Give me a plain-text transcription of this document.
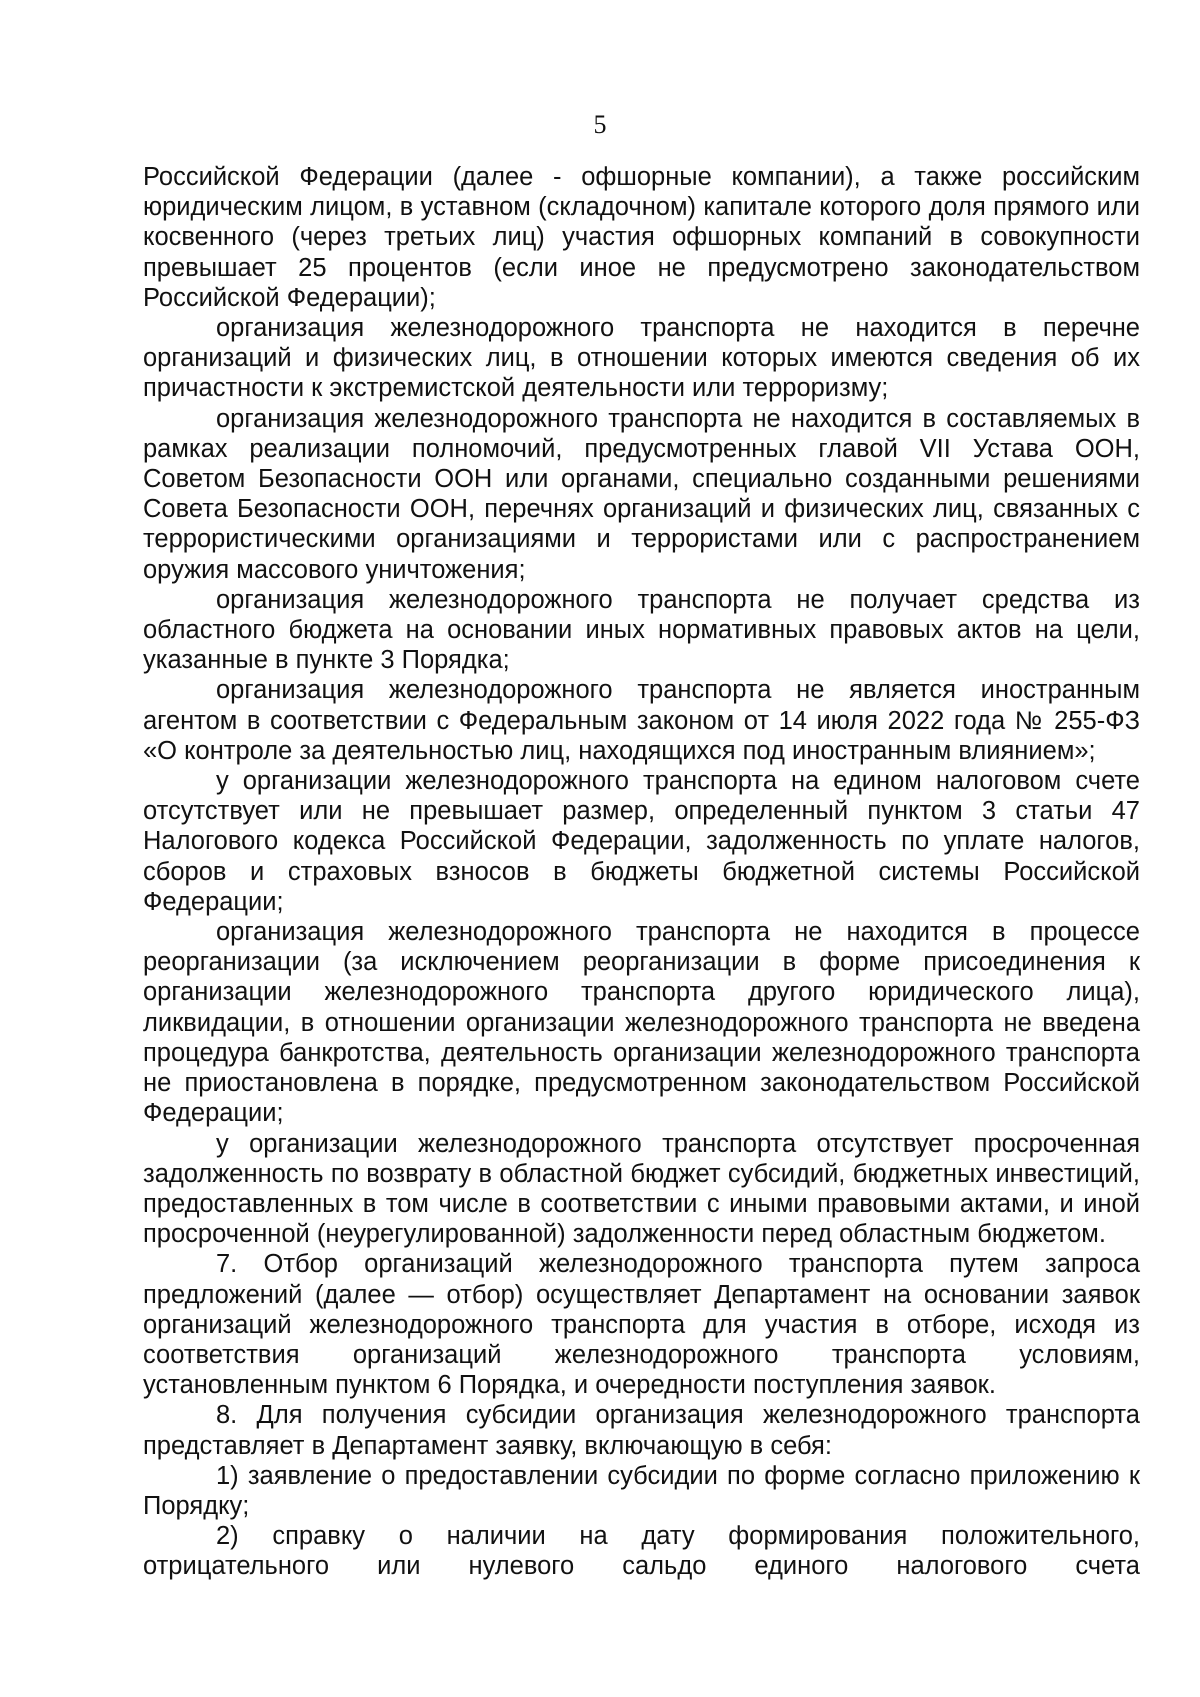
5

Российской Федерации (далее - офшорные компании), а также российским юридическим лицом, в уставном (складочном) капитале которого доля прямого или косвенного (через третьих лиц) участия офшорных компаний в совокупности превышает 25 процентов (если иное не предусмотрено законодательством Российской Федерации);

организация железнодорожного транспорта не находится в перечне организаций и физических лиц, в отношении которых имеются сведения об их причастности к экстремистской деятельности или терроризму;

организация железнодорожного транспорта не находится в составляемых в рамках реализации полномочий, предусмотренных главой VII Устава ООН, Советом Безопасности ООН или органами, специально созданными решениями Совета Безопасности ООН, перечнях организаций и физических лиц, связанных с террористическими организациями и террористами или с распространением оружия массового уничтожения;

организация железнодорожного транспорта не получает средства из областного бюджета на основании иных нормативных правовых актов на цели, указанные в пункте 3 Порядка;

организация железнодорожного транспорта не является иностранным агентом в соответствии с Федеральным законом от 14 июля 2022 года № 255-ФЗ «О контроле за деятельностью лиц, находящихся под иностранным влиянием»;

у организации железнодорожного транспорта на едином налоговом счете отсутствует или не превышает размер, определенный пунктом 3 статьи 47 Налогового кодекса Российской Федерации, задолженность по уплате налогов, сборов и страховых взносов в бюджеты бюджетной системы Российской Федерации;

организация железнодорожного транспорта не находится в процессе реорганизации (за исключением реорганизации в форме присоединения к организации железнодорожного транспорта другого юридического лица), ликвидации, в отношении организации железнодорожного транспорта не введена процедура банкротства, деятельность организации железнодорожного транспорта не приостановлена в порядке, предусмотренном законодательством Российской Федерации;

у организации железнодорожного транспорта отсутствует просроченная задолженность по возврату в областной бюджет субсидий, бюджетных инвестиций, предоставленных в том числе в соответствии с иными правовыми актами, и иной просроченной (неурегулированной) задолженности перед областным бюджетом.

7. Отбор организаций железнодорожного транспорта путем запроса предложений (далее — отбор) осуществляет Департамент на основании заявок организаций железнодорожного транспорта для участия в отборе, исходя из соответствия организаций железнодорожного транспорта условиям, установленным пунктом 6 Порядка, и очередности поступления заявок.

8. Для получения субсидии организация железнодорожного транспорта представляет в Департамент заявку, включающую в себя:

1) заявление о предоставлении субсидии по форме согласно приложению к Порядку;

2) справку о наличии на дату формирования положительного, отрицательного или нулевого сальдо единого налогового счета
